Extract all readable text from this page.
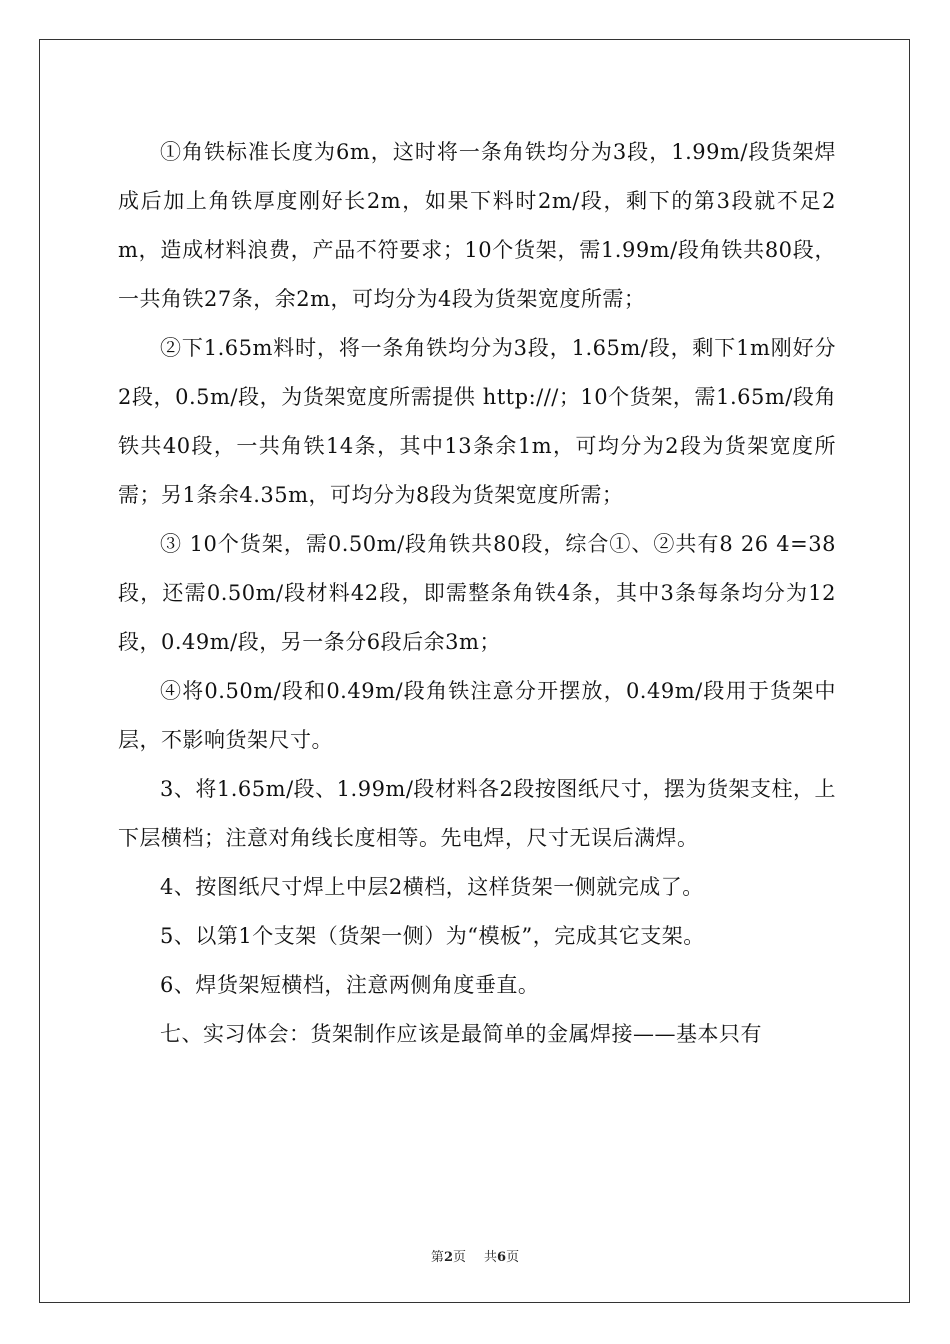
①角铁标准长度为6m，这时将一条角铁均分为3段，1.99m/段货架焊成后加上角铁厚度刚好长2m，如果下料时2m/段，剩下的第3段就不足2m，造成材料浪费，产品不符要求；10个货架，需1.99m/段角铁共80段，一共角铁27条，余2m，可均分为4段为货架宽度所需；

②下1.65m料时，将一条角铁均分为3段，1.65m/段，剩下1m刚好分2段，0.5m/段，为货架宽度所需提供 http:///；10个货架，需1.65m/段角铁共40段，一共角铁14条，其中13条余1m，可均分为2段为货架宽度所需；另1条余4.35m，可均分为8段为货架宽度所需；

③ 10个货架，需0.50m/段角铁共80段，综合①、②共有8 26 4=38段，还需0.50m/段材料42段，即需整条角铁4条，其中3条每条均分为12段，0.49m/段，另一条分6段后余3m；

④将0.50m/段和0.49m/段角铁注意分开摆放，0.49m/段用于货架中层，不影响货架尺寸。

3、将1.65m/段、1.99m/段材料各2段按图纸尺寸，摆为货架支柱，上下层横档；注意对角线长度相等。先电焊，尺寸无误后满焊。

4、按图纸尺寸焊上中层2横档，这样货架一侧就完成了。

5、以第1个支架（货架一侧）为“模板”，完成其它支架。

6、焊货架短横档，注意两侧角度垂直。

七、实习体会：货架制作应该是最简单的金属焊接——基本只有

第2页 共6页
